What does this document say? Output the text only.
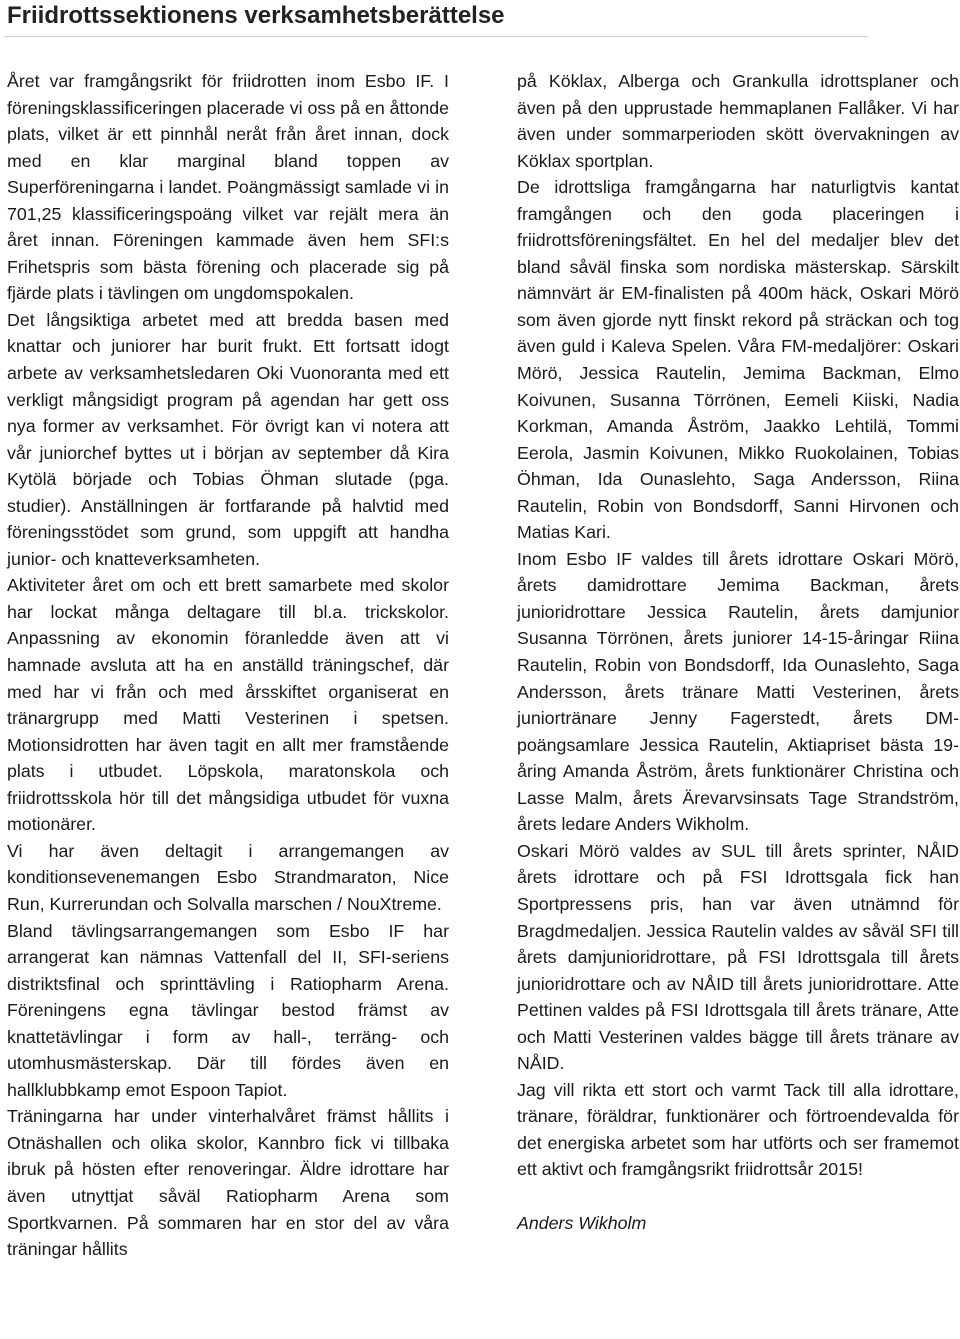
Friidrottssektionens verksamhetsberättelse

Året var framgångsrikt för friidrotten inom Esbo IF. I föreningsklassificeringen placerade vi oss på en åttonde plats, vilket är ett pinnhål neråt från året innan, dock med en klar marginal bland toppen av Superföreningarna i landet. Poängmässigt samlade vi in 701,25 klassificeringspoäng vilket var rejält mera än året innan. Föreningen kammade även hem SFI:s Frihetspris som bästa förening och placerade sig på fjärde plats i tävlingen om ungdomspokalen.

Det långsiktiga arbetet med att bredda basen med knattar och juniorer har burit frukt. Ett fortsatt idogt arbete av verksamhetsledaren Oki Vuonoranta med ett verkligt mångsidigt program på agendan har gett oss nya former av verksamhet. För övrigt kan vi notera att vår juniorchef byttes ut i början av september då Kira Kytölä började och Tobias Öhman slutade (pga. studier). Anställningen är fortfarande på halvtid med föreningsstödet som grund, som uppgift att handha junior- och knatteverksamheten.

Aktiviteter året om och ett brett samarbete med skolor har lockat många deltagare till bl.a. trickskolor. Anpassning av ekonomin föranledde även att vi hamnade avsluta att ha en anställd träningschef, där med har vi från och med årsskiftet organiserat en tränargrupp med Matti Vesterinen i spetsen. Motionsidrotten har även tagit en allt mer framstående plats i utbudet. Löpskola, maratonskola och friidrottsskola hör till det mångsidiga utbudet för vuxna motionärer.

Vi har även deltagit i arrangemangen av konditionsevenemangen Esbo Strandmaraton, Nice Run, Kurrerundan och Solvalla marschen / NouXtreme.

Bland tävlingsarrangemangen som Esbo IF har arrangerat kan nämnas Vattenfall del II, SFI-seriens distriktsfinal och sprinttävling i Ratiopharm Arena. Föreningens egna tävlingar bestod främst av knattetävlingar i form av hall-, terräng- och utomhusmästerskap. Där till fördes även en hallklubbkamp emot Espoon Tapiot.

Träningarna har under vinterhalvåret främst hållits i Otnäshallen och olika skolor, Kannbro fick vi tillbaka ibruk på hösten efter renoveringar. Äldre idrottare har även utnyttjat såväl Ratiopharm Arena som Sportkvarnen. På sommaren har en stor del av våra träningar hållits

på Köklax, Alberga och Grankulla idrottsplaner och även på den upprustade hemmaplanen Fallåker. Vi har även under sommarperioden skött övervakningen av Köklax sportplan.

De idrottsliga framgångarna har naturligtvis kantat framgången och den goda placeringen i friidrottsföreningsfältet. En hel del medaljer blev det bland såväl finska som nordiska mästerskap. Särskilt nämnvärt är EM-finalisten på 400m häck, Oskari Mörö som även gjorde nytt finskt rekord på sträckan och tog även guld i Kaleva Spelen. Våra FM-medaljörer: Oskari Mörö, Jessica Rautelin, Jemima Backman, Elmo Koivunen, Susanna Törrönen, Eemeli Kiiski, Nadia Korkman, Amanda Åström, Jaakko Lehtilä, Tommi Eerola, Jasmin Koivunen, Mikko Ruokolainen, Tobias Öhman, Ida Ounaslehto, Saga Andersson, Riina Rautelin, Robin von Bondsdorff, Sanni Hirvonen och Matias Kari.

Inom Esbo IF valdes till årets idrottare Oskari Mörö, årets damidrottare Jemima Backman, årets junioridrottare Jessica Rautelin, årets damjunior Susanna Törrönen, årets juniorer 14-15-åringar Riina Rautelin, Robin von Bondsdorff, Ida Ounaslehto, Saga Andersson, årets tränare Matti Vesterinen, årets juniortränare Jenny Fagerstedt, årets DM-poängsamlare Jessica Rautelin, Aktiapriset bästa 19-åring Amanda Åström, årets funktionärer Christina och Lasse Malm, årets Ärevarvsinsats Tage Strandström, årets ledare Anders Wikholm.

Oskari Mörö valdes av SUL till årets sprinter, NÅID årets idrottare och på FSI Idrottsgala fick han Sportpressens pris, han var även utnämnd för Bragdmedaljen. Jessica Rautelin valdes av såväl SFI till årets damjunioridrottare, på FSI Idrottsgala till årets junioridrottare och av NÅID till årets junioridrottare. Atte Pettinen valdes på FSI Idrottsgala till årets tränare, Atte och Matti Vesterinen valdes bägge till årets tränare av NÅID.

Jag vill rikta ett stort och varmt Tack till alla idrottare, tränare, föräldrar, funktionärer och förtroendevalda för det energiska arbetet som har utförts och ser framemot ett aktivt och framgångsrikt friidrottsår 2015!

Anders Wikholm
